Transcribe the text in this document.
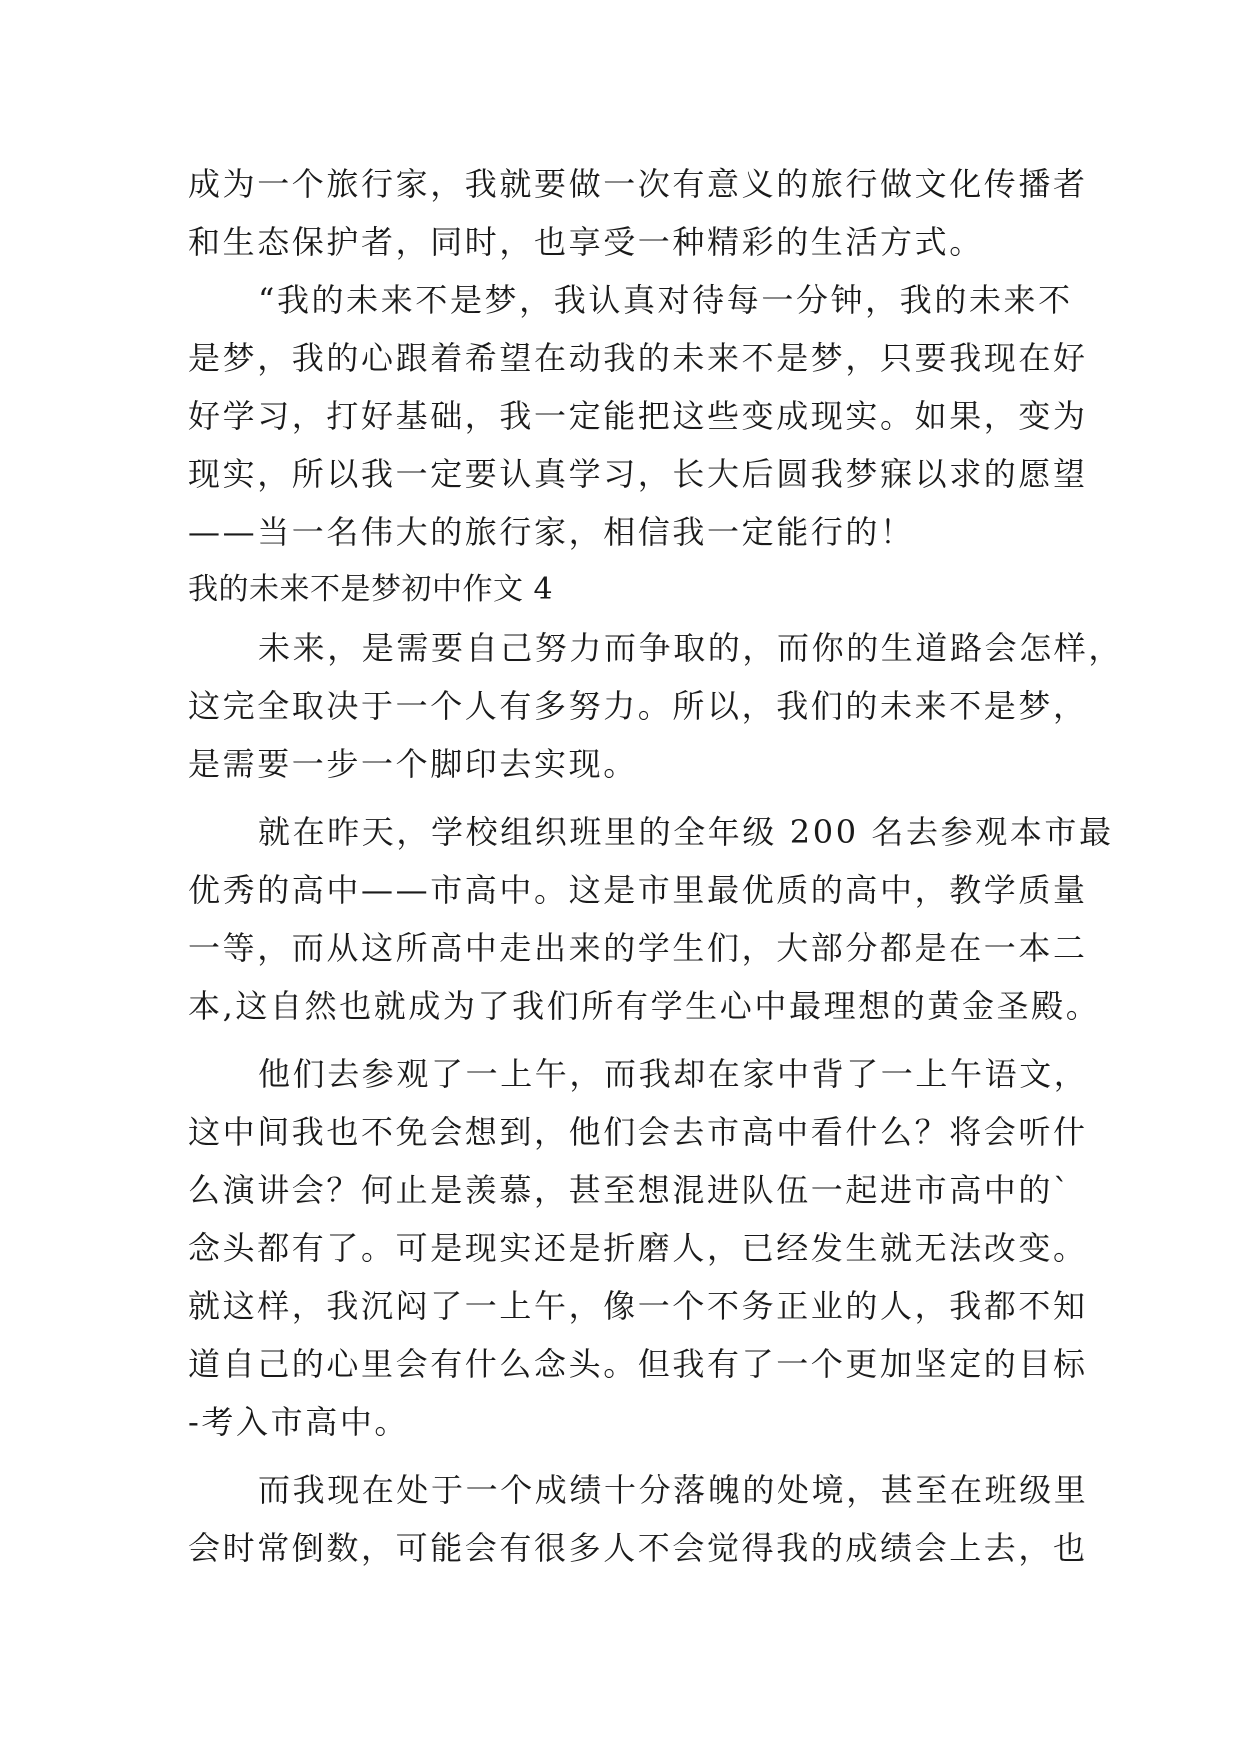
成为一个旅行家，我就要做一次有意义的旅行做文化传播者
和生态保护者，同时，也享受一种精彩的生活方式。
“我的未来不是梦，我认真对待每一分钟，我的未来不
是梦，我的心跟着希望在动我的未来不是梦，只要我现在好
好学习，打好基础，我一定能把这些变成现实。如果，变为
现实，所以我一定要认真学习，长大后圆我梦寐以求的愿望
——当一名伟大的旅行家，相信我一定能行的！
我的未来不是梦初中作文 4
未来，是需要自己努力而争取的，而你的生道路会怎样，
这完全取决于一个人有多努力。所以，我们的未来不是梦，
是需要一步一个脚印去实现。
就在昨天，学校组织班里的全年级 200 名去参观本市最
优秀的高中——市高中。这是市里最优质的高中，教学质量
一等，而从这所高中走出来的学生们，大部分都是在一本二
本,这自然也就成为了我们所有学生心中最理想的黄金圣殿。
他们去参观了一上午，而我却在家中背了一上午语文，
这中间我也不免会想到，他们会去市高中看什么？将会听什
么演讲会？何止是羡慕，甚至想混进队伍一起进市高中的`
念头都有了。可是现实还是折磨人，已经发生就无法改变。
就这样，我沉闷了一上午，像一个不务正业的人，我都不知
道自己的心里会有什么念头。但我有了一个更加坚定的目标
-考入市高中。
而我现在处于一个成绩十分落魄的处境，甚至在班级里
会时常倒数，可能会有很多人不会觉得我的成绩会上去，也
